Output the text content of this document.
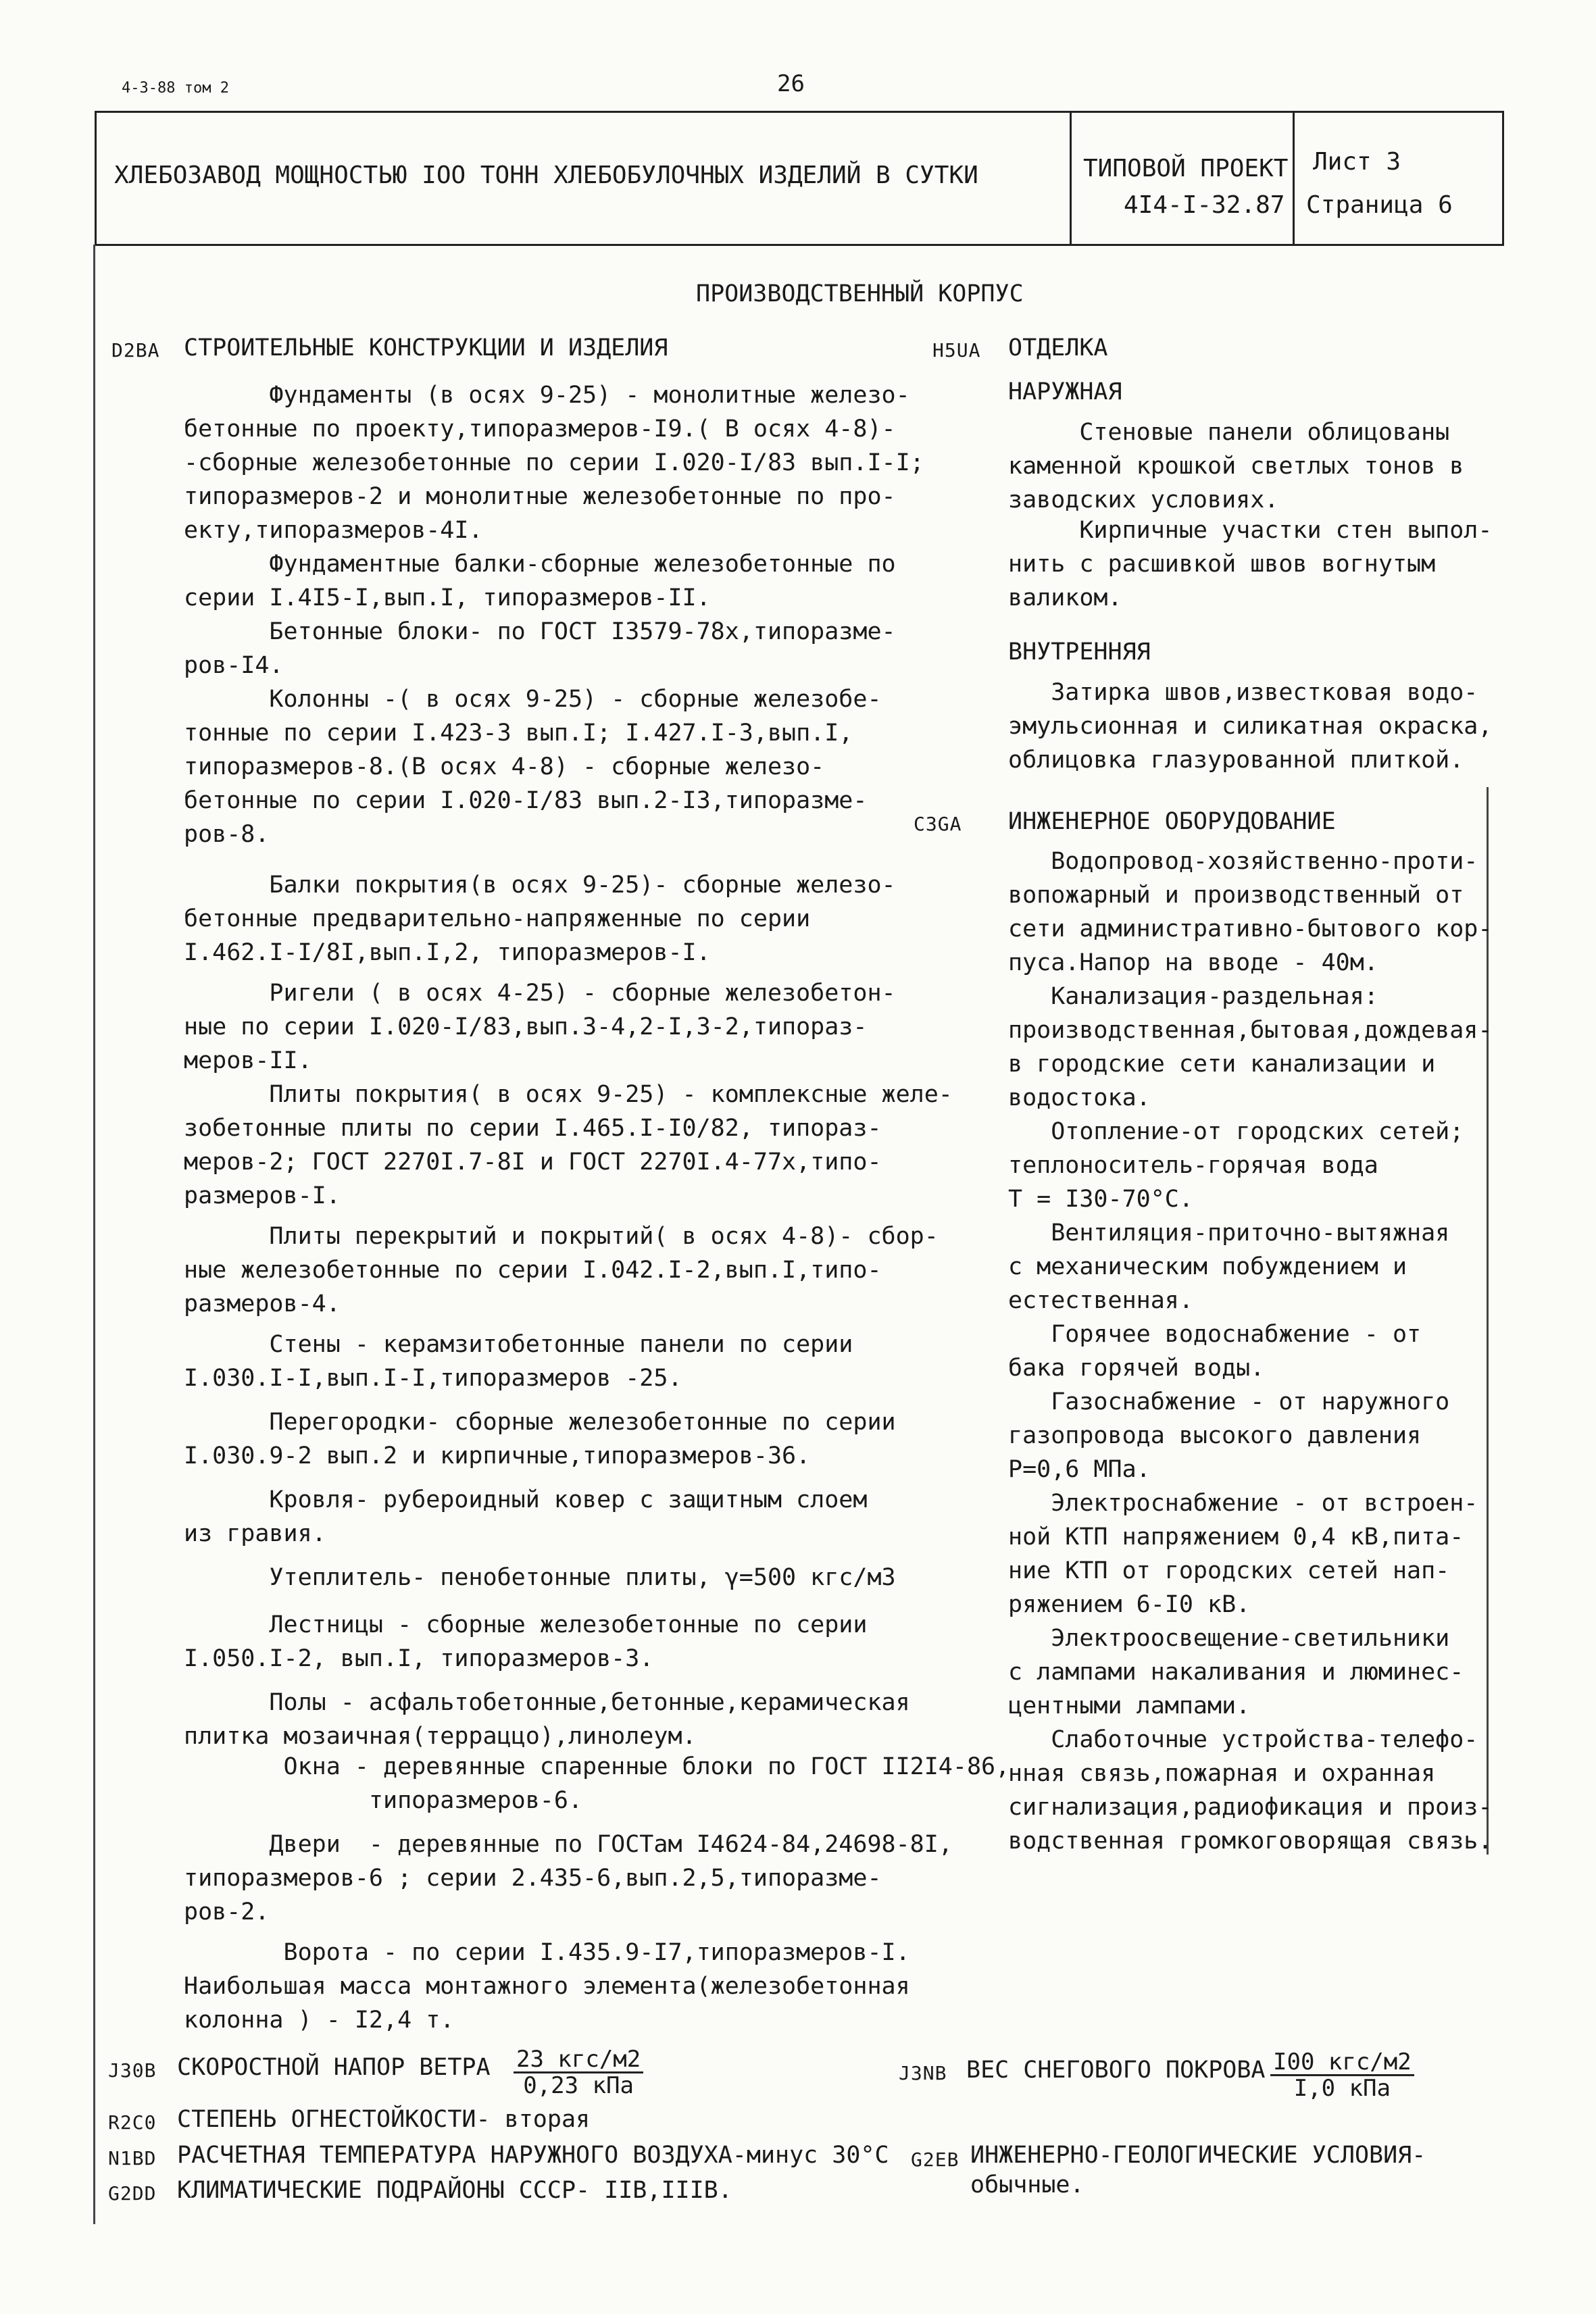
4-3-88 том 2	26
ХЛЕБОЗАВОД МОЩНОСТЬЮ IOO ТОНН ХЛЕБОБУЛОЧНЫХ ИЗДЕЛИЙ В СУТКИ	ТИПОВОЙ ПРОЕКТ
4I4-I-32.87
Лист 3
Страница 6
ПРОИЗВОДСТВЕННЫЙ КОРПУС
D2BA СТРОИТЕЛЬНЫЕ КОНСТРУКЦИИ И ИЗДЕЛИЯ
Фундаменты (в осях 9-25) - монолитные железо-
бетонные по проекту,типоразмеров-I9.( В осях 4-8)-
-сборные железобетонные по серии I.020-I/83 вып.I-I;
типоразмеров-2 и монолитные железобетонные по про-
екту,типоразмеров-4I.
Фундаментные балки-сборные железобетонные по
серии I.4I5-I,вып.I, типоразмеров-II.
Бетонные блоки- по ГОСТ I3579-78х,типоразме-
ров-I4.
Колонны -( в осях 9-25) - сборные железобе-
тонные по серии I.423-3 вып.I; I.427.I-3,вып.I,
типоразмеров-8.(В осях 4-8) - сборные железо-
бетонные по серии I.020-I/83 вып.2-I3,типоразме-
ров-8.
Балки покрытия(в осях 9-25)- сборные железо-
бетонные предварительно-напряженные по серии
I.462.I-I/8I,вып.I,2, типоразмеров-I.
Ригели ( в осях 4-25) - сборные железобетон-
ные по серии I.020-I/83,вып.3-4,2-I,3-2,типораз-
меров-II.
Плиты покрытия( в осях 9-25) - комплексные желе-
зобетонные плиты по серии I.465.I-I0/82, типораз-
меров-2; ГОСТ 2270I.7-8I и ГОСТ 2270I.4-77х,типо-
размеров-I.
Плиты перекрытий и покрытий( в осях 4-8)- сбор-
ные железобетонные по серии I.042.I-2,вып.I,типо-
размеров-4.
Стены - керамзитобетонные панели по серии
I.030.I-I,вып.I-I,типоразмеров -25.
Перегородки- сборные железобетонные по серии
I.030.9-2 вып.2 и кирпичные,типоразмеров-36.
Кровля- рубероидный ковер с защитным слоем
из гравия.
Утеплитель- пенобетонные плиты, γ=500 кгс/м3
Лестницы - сборные железобетонные по серии
I.050.I-2, вып.I, типоразмеров-3.
Полы - асфальтобетонные,бетонные,керамическая
плитка мозаичная(терраццо),линолеум.
Окна - деревянные спаренные блоки по ГОСТ II2I4-86,
типоразмеров-6.
Двери  - деревянные по ГОСТам I4624-84,24698-8I,
типоразмеров-6 ; серии 2.435-6,вып.2,5,типоразме-
ров-2.
Ворота - по серии I.435.9-I7,типоразмеров-I.
Наибольшая масса монтажного элемента(железобетонная
колонна ) - I2,4 т.
H5UA ОТДЕЛКА
НАРУЖНАЯ
Стеновые панели облицованы
каменной крошкой светлых тонов в
заводских условиях.
Кирпичные участки стен выпол-
нить с расшивкой швов вогнутым
валиком.
ВНУТРЕННЯЯ
Затирка швов,известковая водо-
эмульсионная и силикатная окраска,
облицовка глазурованной плиткой.
C3GA ИНЖЕНЕРНОЕ ОБОРУДОВАНИЕ
Водопровод-хозяйственно-проти-
вопожарный и производственный от
сети административно-бытового кор-
пуса.Напор на вводе - 40м.
Канализация-раздельная:
производственная,бытовая,дождевая-
в городские сети канализации и
водостока.
Отопление-от городских сетей;
теплоноситель-горячая вода
Т = I30-70°С.
Вентиляция-приточно-вытяжная
с механическим побуждением и
естественная.
Горячее водоснабжение - от
бака горячей воды.
Газоснабжение - от наружного
газопровода высокого давления
Р=0,6 МПа.
Электроснабжение - от встроен-
ной КТП напряжением 0,4 кВ,пита-
ние КТП от городских сетей нап-
ряжением 6-I0 кВ.
Электроосвещение-светильники
с лампами накаливания и люминес-
центными лампами.
Слаботочные устройства-телефо-
нная связь,пожарная и охранная
сигнализация,радиофикация и произ-
водственная громкоговорящая связь.
J30B СКОРОСТНОЙ НАПОР ВЕТРА 23 кгс/м2
0,23 кПа	J3NB ВЕС СНЕГОВОГО ПОКРОВА I00 кгс/м2
I,0 кПа
R2C0 СТЕПЕНЬ ОГНЕСТОЙКОСТИ- вторая
N1BD РАСЧЕТНАЯ ТЕМПЕРАТУРА НАРУЖНОГО ВОЗДУХА-минус 30°С G2EB ИНЖЕНЕРНО-ГЕОЛОГИЧЕСКИЕ УСЛОВИЯ-
обычные.
G2DD КЛИМАТИЧЕСКИЕ ПОДРАЙОНЫ СССР- IIВ,IIIВ.
